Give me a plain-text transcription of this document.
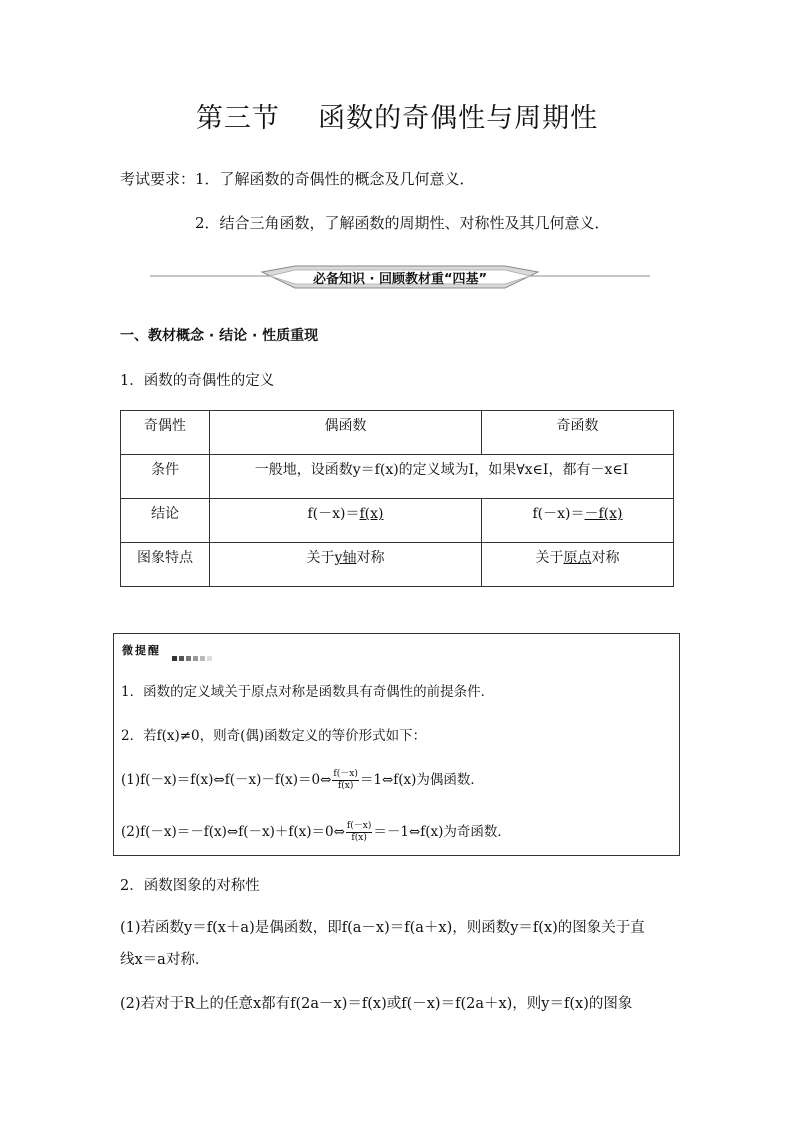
第三节    函数的奇偶性与周期性
考试要求：1．了解函数的奇偶性的概念及几何意义．
2．结合三角函数，了解函数的周期性、对称性及其几何意义．
必备知识 · 回顾教材重“四基”
一、教材概念 · 结论 · 性质重现
1．函数的奇偶性的定义
奇偶性	偶函数	奇函数
条件	一般地，设函数y＝f(x)的定义域为I，如果∀x∈I，都有－x∈I	
结论	f(－x)＝f(x)	f(－x)＝－f(x)
图象特点	关于y轴对称	关于原点对称
微提醒
1．函数的定义域关于原点对称是函数具有奇偶性的前提条件．
2．若f(x)≠0，则奇(偶)函数定义的等价形式如下：
(1)f(－x)＝f(x)⇔f(－x)－f(x)＝0⇔ $\frac{f(-x)}{f(x)}$ ＝1⇔f(x)为偶函数．
(2)f(－x)＝－f(x)⇔f(－x)＋f(x)＝0⇔ $\frac{f(-x)}{f(x)}$ ＝－1⇔f(x)为奇函数．
2．函数图象的对称性
(1)若函数y＝f(x＋a)是偶函数，即f(a－x)＝f(a＋x)，则函数y＝f(x)的图象关于直
线x＝a对称．
(2)若对于R上的任意x都有f(2a－x)＝f(x)或f(－x)＝f(2a＋x)，则y＝f(x)的图象
